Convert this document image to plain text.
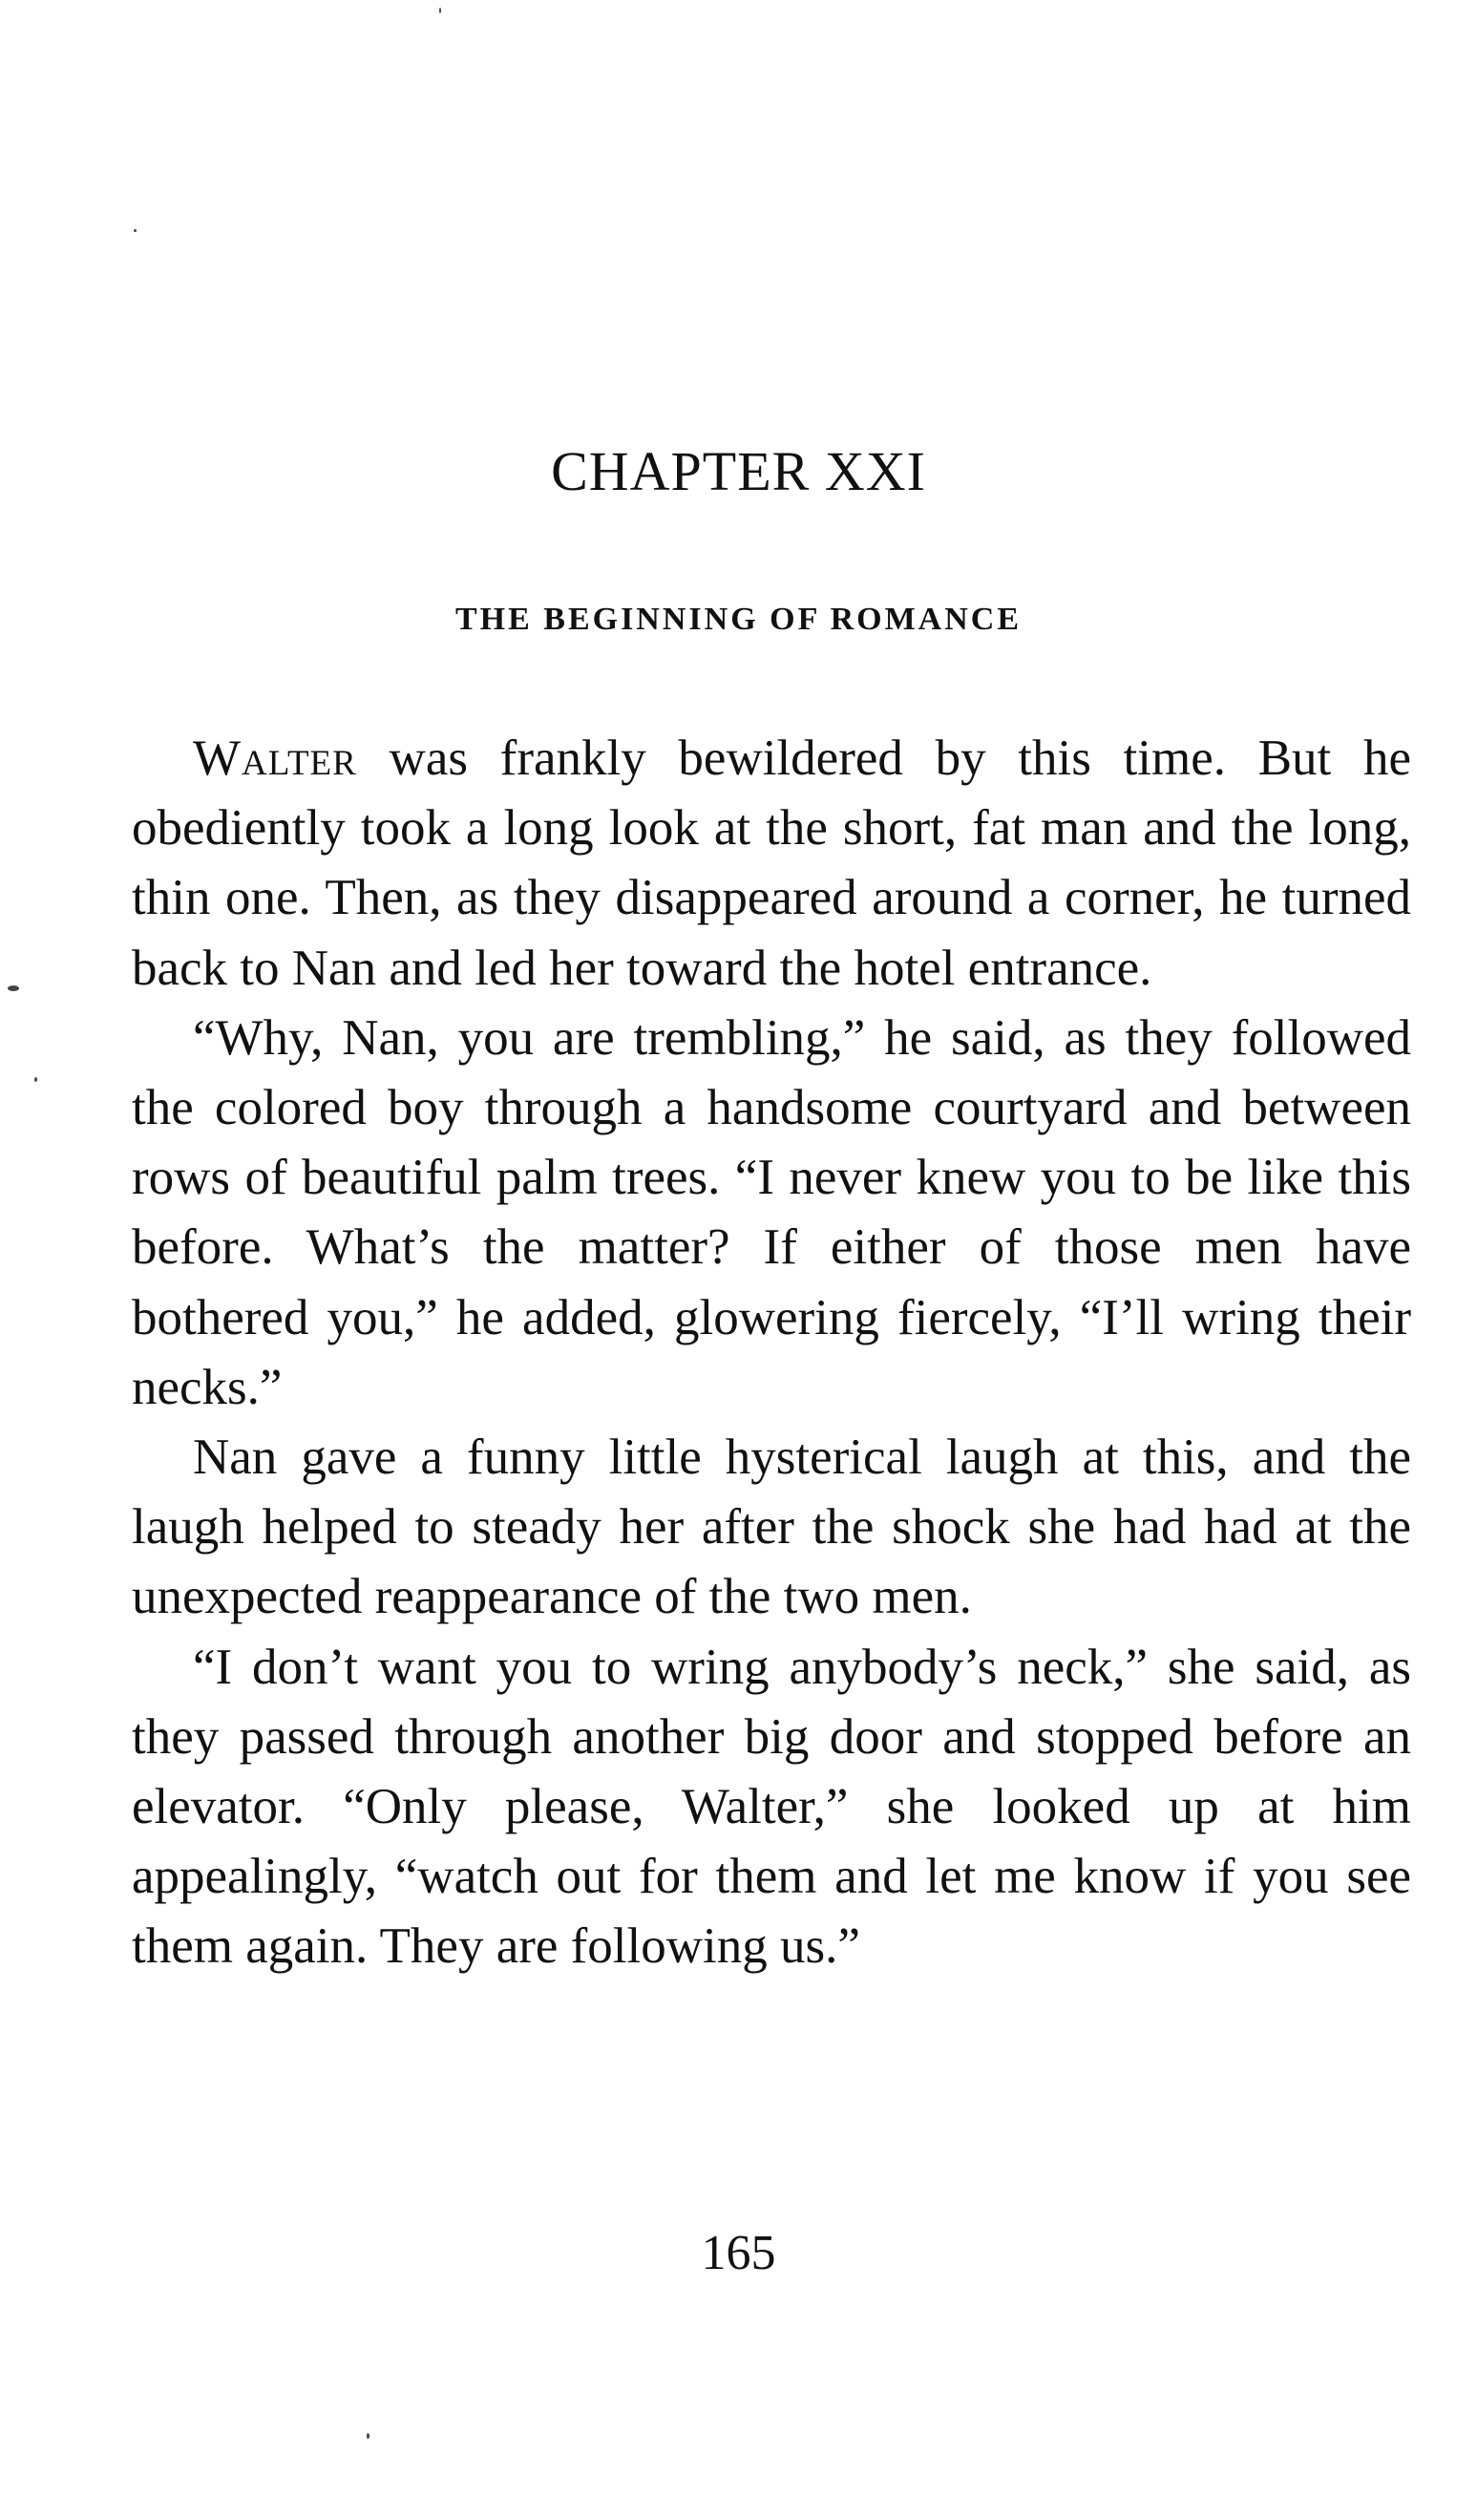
CHAPTER XXI
THE BEGINNING OF ROMANCE

Walter was frankly bewildered by this time. But he obediently took a long look at the short, fat man and the long, thin one. Then, as they disappeared around a corner, he turned back to Nan and led her toward the hotel entrance.

“Why, Nan, you are trembling,” he said, as they followed the colored boy through a handsome courtyard and between rows of beautiful palm trees. “I never knew you to be like this before. What’s the matter? If either of those men have bothered you,” he added, glowering fiercely, “I’ll wring their necks.”

Nan gave a funny little hysterical laugh at this, and the laugh helped to steady her after the shock she had had at the unexpected reappearance of the two men.

“I don’t want you to wring anybody’s neck,” she said, as they passed through another big door and stopped before an elevator. “Only please, Walter,” she looked up at him appealingly, “watch out for them and let me know if you see them again. They are following us.”

165
